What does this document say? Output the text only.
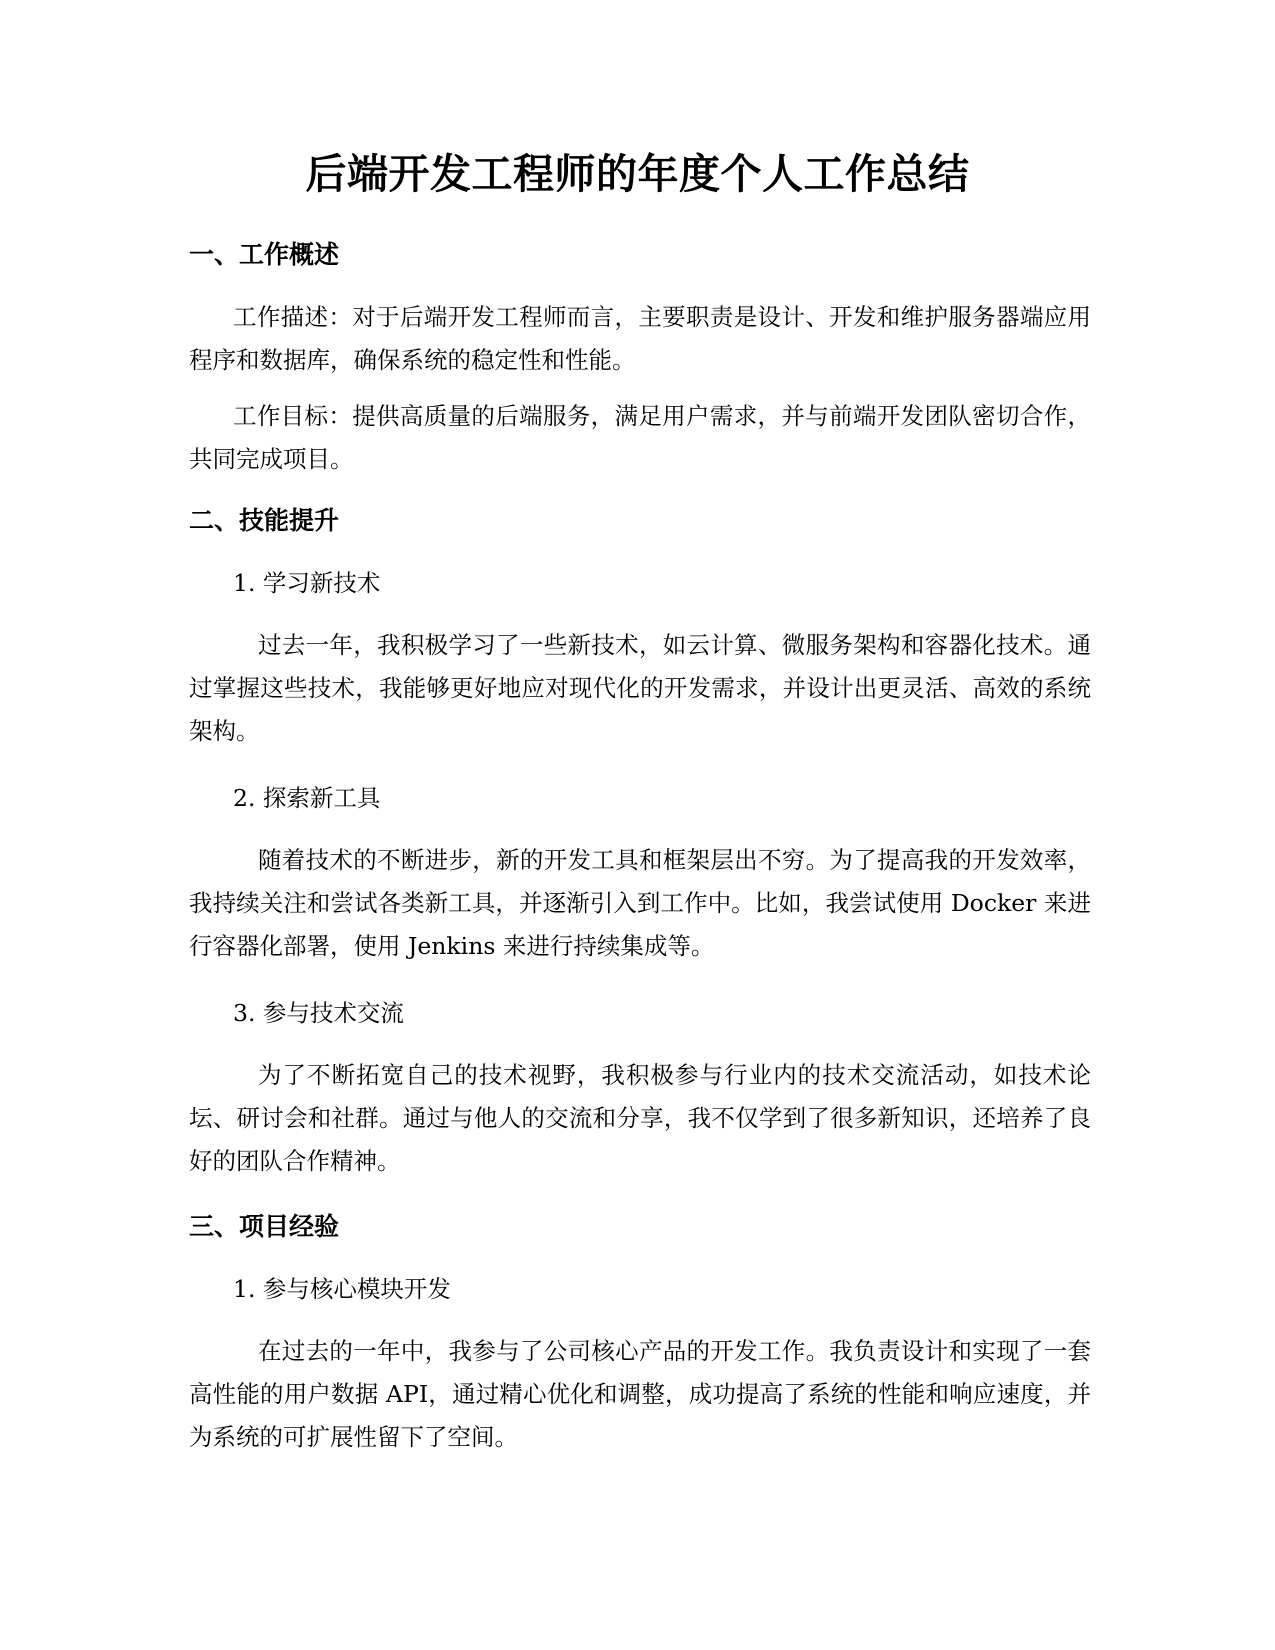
后端开发工程师的年度个人工作总结
一、工作概述

工作描述：对于后端开发工程师而言，主要职责是设计、开发和维护服务器端应用程序和数据库，确保系统的稳定性和性能。

工作目标：提供高质量的后端服务，满足用户需求，并与前端开发团队密切合作，共同完成项目。

二、技能提升

1. 学习新技术

过去一年，我积极学习了一些新技术，如云计算、微服务架构和容器化技术。通过掌握这些技术，我能够更好地应对现代化的开发需求，并设计出更灵活、高效的系统架构。

2. 探索新工具

随着技术的不断进步，新的开发工具和框架层出不穷。为了提高我的开发效率，我持续关注和尝试各类新工具，并逐渐引入到工作中。比如，我尝试使用 Docker 来进行容器化部署，使用 Jenkins 来进行持续集成等。

3. 参与技术交流

为了不断拓宽自己的技术视野，我积极参与行业内的技术交流活动，如技术论坛、研讨会和社群。通过与他人的交流和分享，我不仅学到了很多新知识，还培养了良好的团队合作精神。

三、项目经验

1. 参与核心模块开发

在过去的一年中，我参与了公司核心产品的开发工作。我负责设计和实现了一套高性能的用户数据 API，通过精心优化和调整，成功提高了系统的性能和响应速度，并为系统的可扩展性留下了空间。
